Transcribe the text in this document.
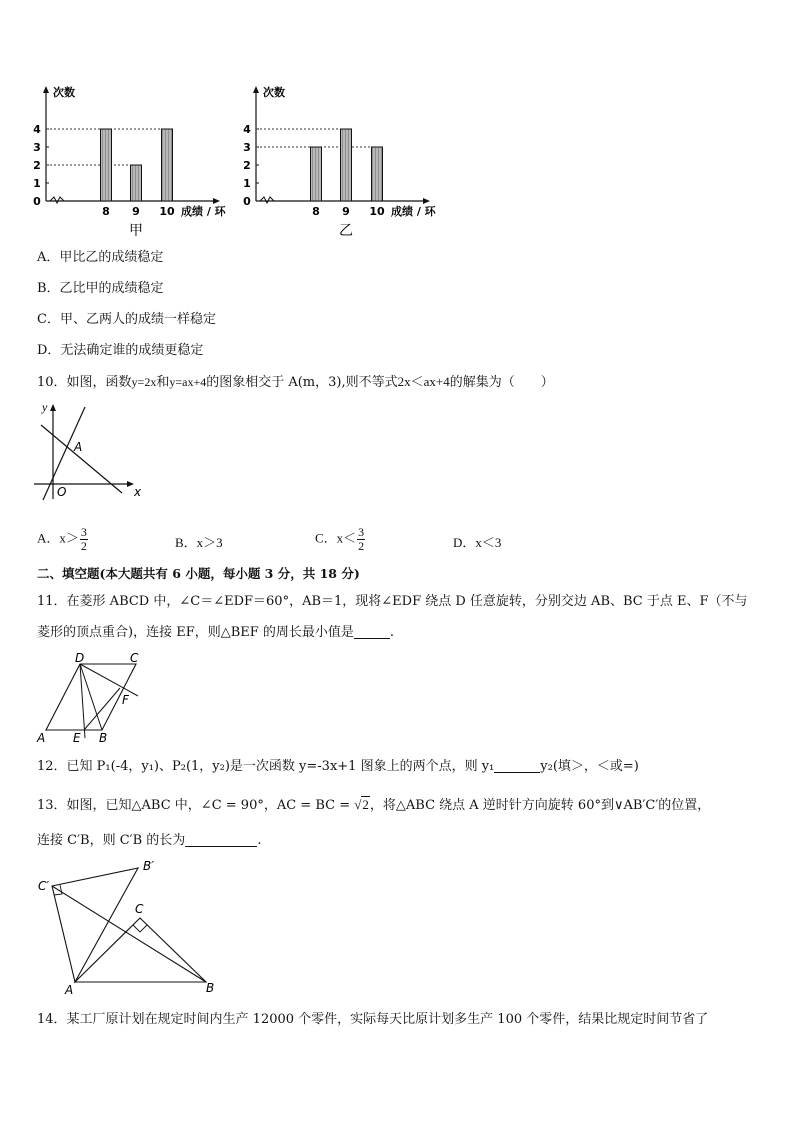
0
1
2
3
4
8 9 10
次数
成绩 / 环
甲
0
1
2
3
4
8 9 10
次数
成绩 / 环
乙
A．甲比乙的成绩稳定
B．乙比甲的成绩稳定
C．甲、乙两人的成绩一样稳定
D．无法确定谁的成绩更稳定
10．如图，函数y=2x和y=ax+4的图象相交于 A(m，3),则不等式2x＜ax+4的解集为（　　）
y
x
O
A
A．$x> \frac{3}{2}$	B．x＞3	C．$x< \frac{3}{2}$	D．x＜3
二、填空题(本大题共有 6 小题，每小题 3 分，共 18 分)
11．在菱形 ABCD 中，∠C＝∠EDF＝60°，AB＝1，现将∠EDF 绕点 D 任意旋转，分别交边 AB、BC 于点 E、F（不与
菱形的顶点重合)，连接 EF，则△BEF 的周长最小值是	.
D	C
F
A E B
12．已知 P₁(-4，y₁)、P₂(1，y₂)是一次函数 y=-3x+1 图象上的两个点，则 y₁	y₂(填＞，＜或=)
13．如图，已知△ABC 中，∠C = 90°，AC = BC = √2，将△ABC 绕点 A 逆时针方向旋转 60°到∨AB′C′的位置，
连接 C′B，则 C′B 的长为	.
B′
C′
C
A	B
14．某工厂原计划在规定时间内生产 12000 个零件，实际每天比原计划多生产 100 个零件，结果比规定时间节省了
